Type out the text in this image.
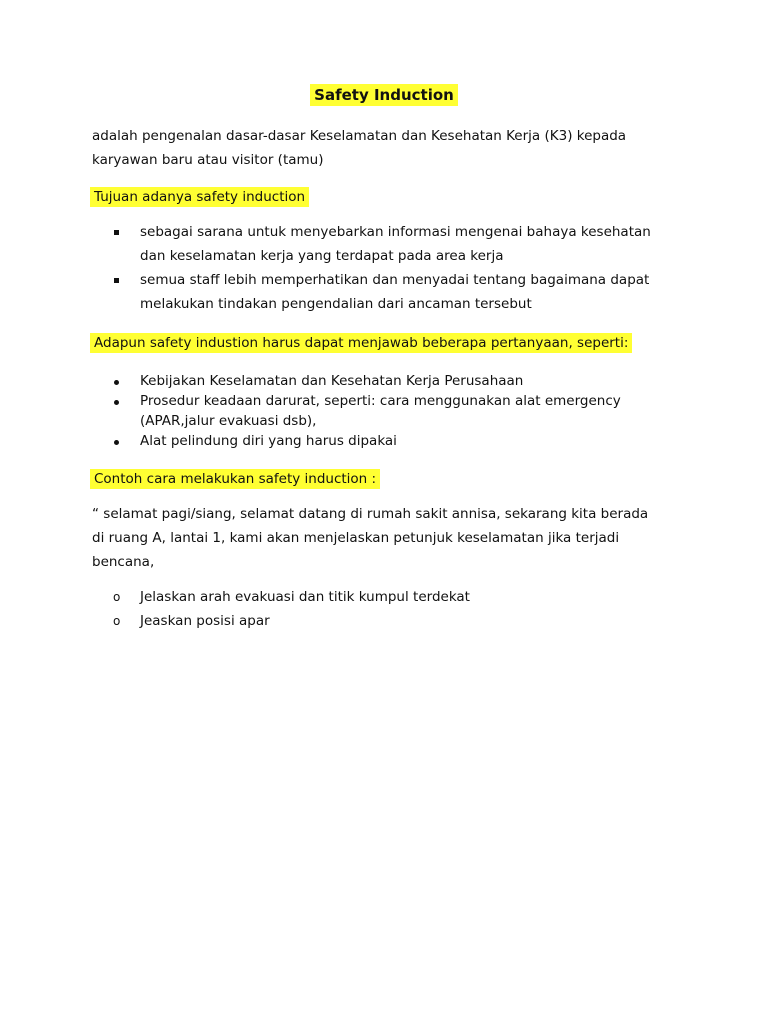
Safety Induction
adalah pengenalan dasar-dasar Keselamatan dan Kesehatan Kerja (K3) kepada
karyawan baru atau visitor (tamu)
Tujuan adanya safety induction
sebagai sarana untuk menyebarkan informasi mengenai bahaya kesehatan
dan keselamatan kerja yang terdapat pada area kerja
semua staff lebih memperhatikan dan menyadai tentang bagaimana dapat
melakukan tindakan pengendalian dari ancaman tersebut
Adapun safety industion harus dapat menjawab beberapa pertanyaan, seperti:
Kebijakan Keselamatan dan Kesehatan Kerja Perusahaan
Prosedur keadaan darurat, seperti: cara menggunakan alat emergency
(APAR,jalur evakuasi dsb),
Alat pelindung diri yang harus dipakai
Contoh cara melakukan safety induction :
“ selamat pagi/siang, selamat datang di rumah sakit annisa, sekarang kita berada
di ruang A, lantai 1, kami akan menjelaskan petunjuk keselamatan jika terjadi
bencana,
o Jelaskan arah evakuasi dan titik kumpul terdekat
o Jeaskan posisi apar
